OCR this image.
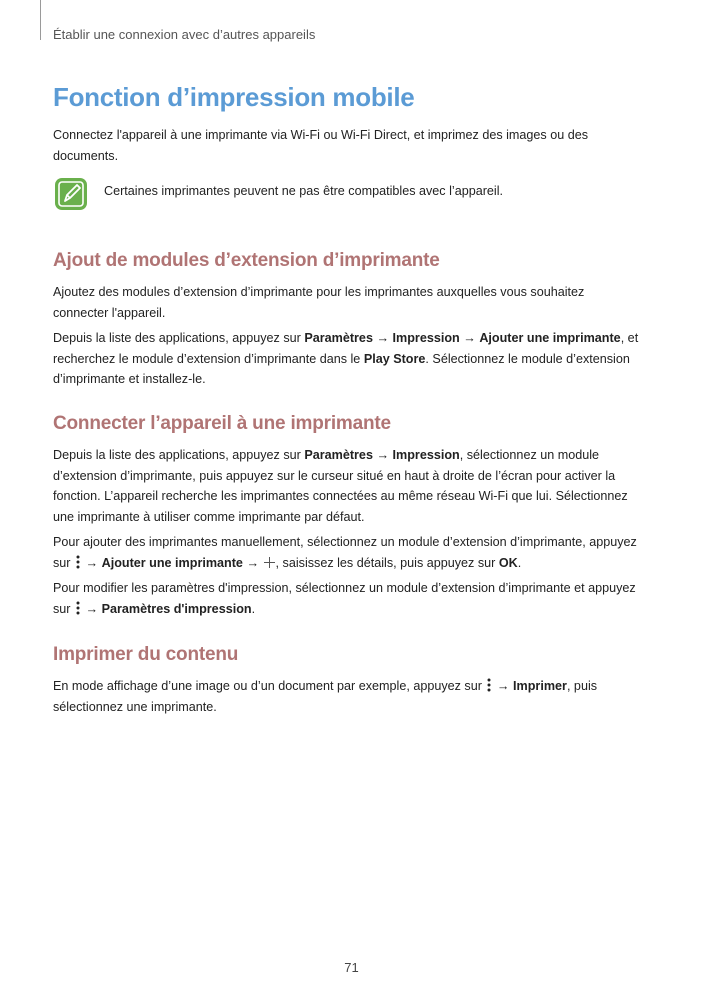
Établir une connexion avec d’autres appareils
Fonction d’impression mobile

Connectez l'appareil à une imprimante via Wi-Fi ou Wi-Fi Direct, et imprimez des images ou des documents.

Certaines imprimantes peuvent ne pas être compatibles avec l’appareil.
Ajout de modules d’extension d’imprimante

Ajoutez des modules d’extension d’imprimante pour les imprimantes auxquelles vous souhaitez connecter l'appareil.

Depuis la liste des applications, appuyez sur Paramètres → Impression → Ajouter une imprimante, et recherchez le module d’extension d’imprimante dans le Play Store. Sélectionnez le module d’extension d’imprimante et installez-le.

Connecter l’appareil à une imprimante

Depuis la liste des applications, appuyez sur Paramètres → Impression, sélectionnez un module d’extension d’imprimante, puis appuyez sur le curseur situé en haut à droite de l’écran pour activer la fonction. L’appareil recherche les imprimantes connectées au même réseau Wi-Fi que lui. Sélectionnez une imprimante à utiliser comme imprimante par défaut.

Pour ajouter des imprimantes manuellement, sélectionnez un module d’extension d’imprimante, appuyez sur  → Ajouter une imprimante → , saisissez les détails, puis appuyez sur OK.

Pour modifier les paramètres d'impression, sélectionnez un module d’extension d’imprimante et appuyez sur  → Paramètres d'impression.

Imprimer du contenu

En mode affichage d’une image ou d’un document par exemple, appuyez sur  → Imprimer, puis sélectionnez une imprimante.

71
